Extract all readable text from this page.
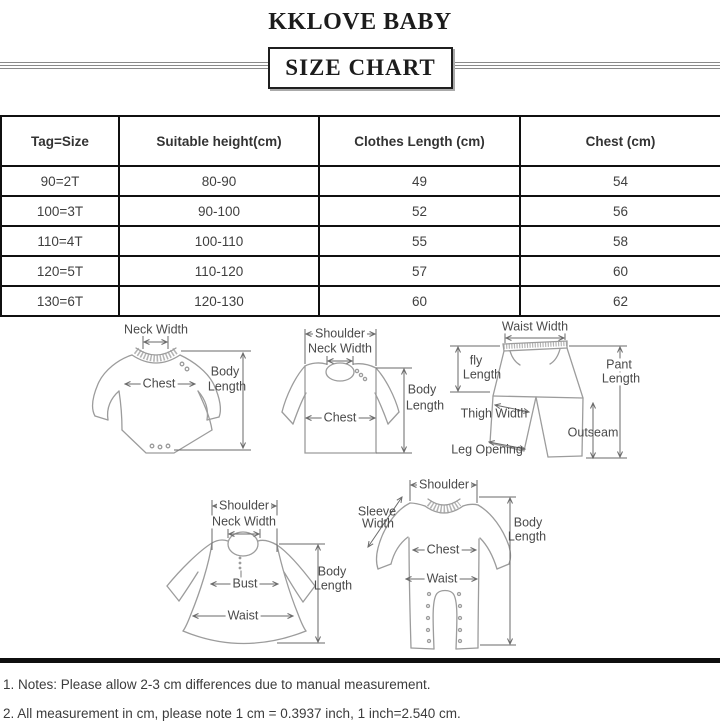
KKLOVE BABY
SIZE CHART
Tag=Size	Suitable height(cm)	Clothes Length (cm)	Chest (cm)
90=2T	80-90	49	54
100=3T	90-100	52	56
110=4T	100-110	55	58
120=5T	110-120	57	60
130=6T	120-130	60	62
Neck Width
Chest
Body
Length
Shoulder
Neck Width
Chest
Body
Length
Waist Width
fly
Length
Pant
Length
Thigh Width
Outseam
Leg Opening
Shoulder
Neck Width
Bust
Waist
Body
Length
Shoulder
Sleeve
Width
Chest
Waist
Body
Length

1. Notes: Please allow 2-3 cm differences due to manual measurement.

2. All measurement in cm, please note 1 cm = 0.3937 inch, 1 inch=2.540 cm.
